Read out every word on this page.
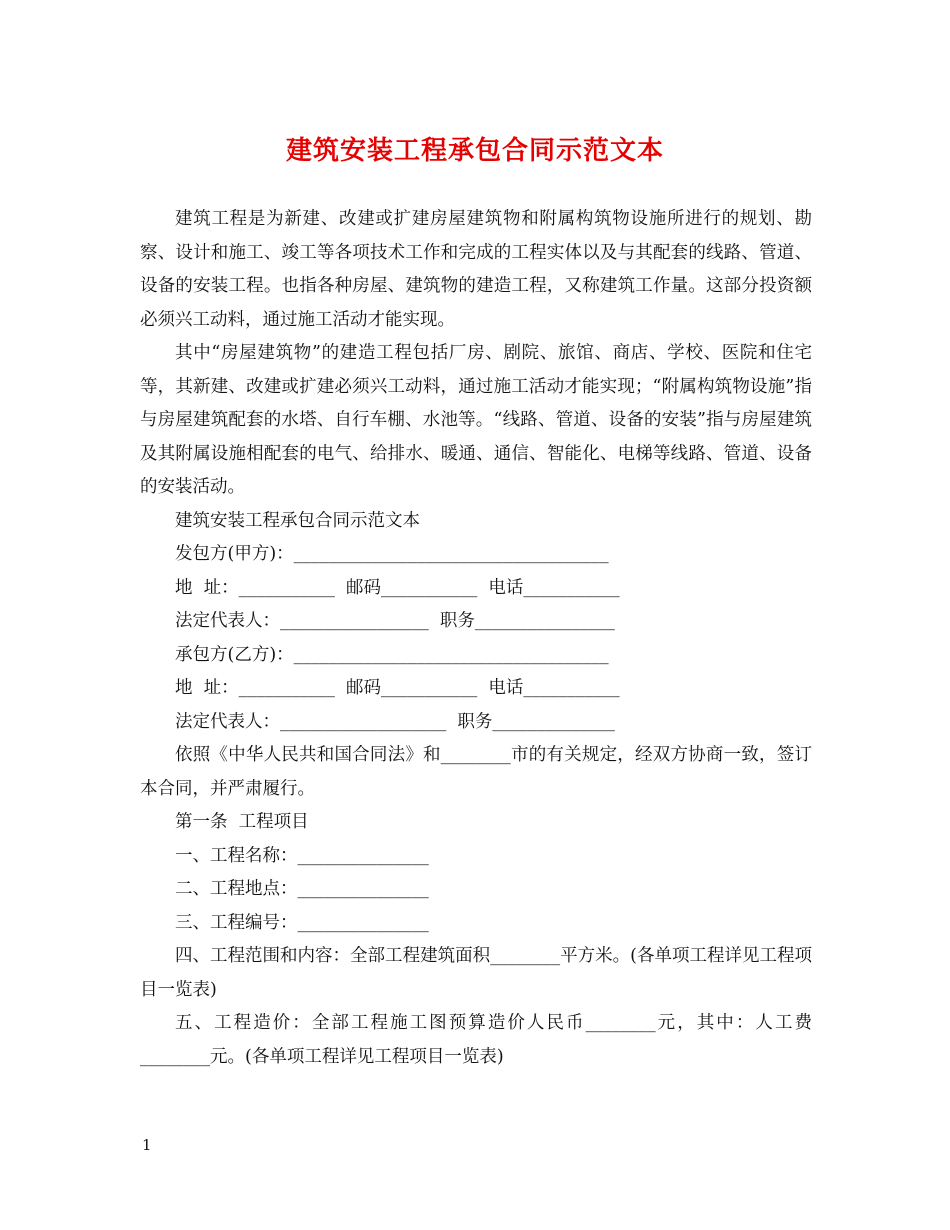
建筑安装工程承包合同示范文本

建筑工程是为新建、改建或扩建房屋建筑物和附属构筑物设施所进行的规划、勘察、设计和施工、竣工等各项技术工作和完成的工程实体以及与其配套的线路、管道、设备的安装工程。也指各种房屋、建筑物的建造工程，又称建筑工作量。这部分投资额必须兴工动料，通过施工活动才能实现。

其中“房屋建筑物”的建造工程包括厂房、剧院、旅馆、商店、学校、医院和住宅等，其新建、改建或扩建必须兴工动料，通过施工活动才能实现；“附属构筑物设施”指与房屋建筑配套的水塔、自行车棚、水池等。“线路、管道、设备的安装”指与房屋建筑及其附属设施相配套的电气、给排水、暖通、通信、智能化、电梯等线路、管道、设备的安装活动。

建筑安装工程承包合同示范文本

发包方(甲方)：____________________________________

地  址：___________  邮码___________  电话___________

法定代表人：_________________  职务________________

承包方(乙方)：____________________________________

地  址：___________  邮码___________  电话___________

法定代表人：___________________  职务______________

依照《中华人民共和国合同法》和________市的有关规定，经双方协商一致，签订本合同，并严肃履行。

第一条  工程项目

一、工程名称：_______________

二、工程地点：_______________

三、工程编号：_______________

四、工程范围和内容：全部工程建筑面积________平方米。(各单项工程详见工程项目一览表)

五、工程造价：全部工程施工图预算造价人民币________元，其中：人工费________元。(各单项工程详见工程项目一览表)

1
